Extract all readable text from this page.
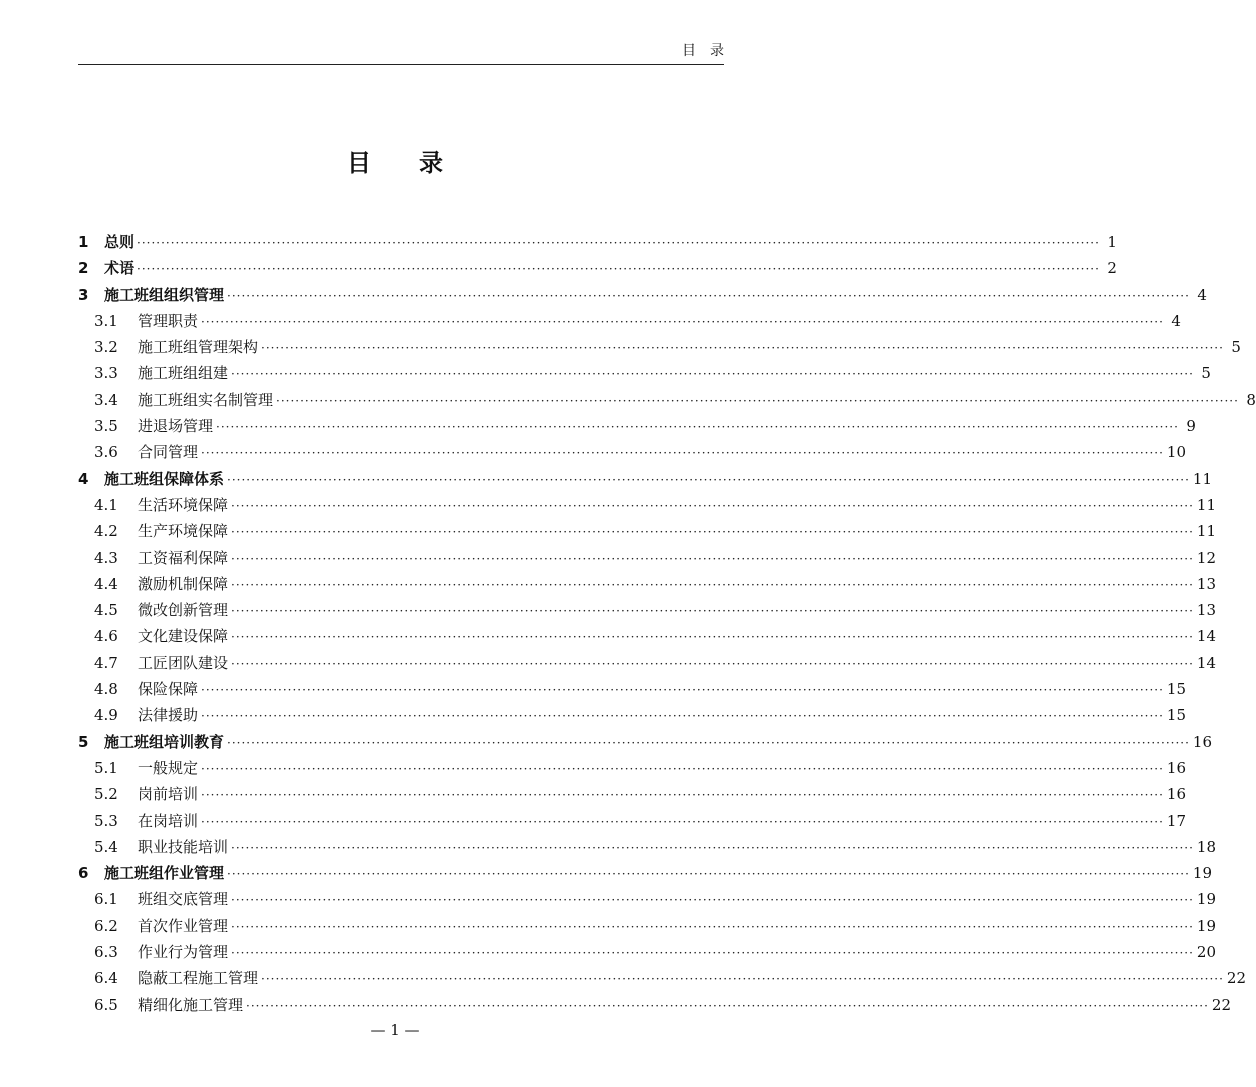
目　录
目　　录
1	总则 ········································································································································································································ 1
2	术语 ········································································································································································································ 2
3	施工班组组织管理 ········································································································································································································ 4
3.1	管理职责 ········································································································································································································ 4
3.2	施工班组管理架构 ········································································································································································································ 5
3.3	施工班组组建 ········································································································································································································ 5
3.4	施工班组实名制管理 ········································································································································································································ 8
3.5	进退场管理 ········································································································································································································ 9
3.6	合同管理 ········································································································································································································ 10
4	施工班组保障体系 ········································································································································································································ 11
4.1	生活环境保障 ········································································································································································································ 11
4.2	生产环境保障 ········································································································································································································ 11
4.3	工资福利保障 ········································································································································································································ 12
4.4	激励机制保障 ········································································································································································································ 13
4.5	微改创新管理 ········································································································································································································ 13
4.6	文化建设保障 ········································································································································································································ 14
4.7	工匠团队建设 ········································································································································································································ 14
4.8	保险保障 ········································································································································································································ 15
4.9	法律援助 ········································································································································································································ 15
5	施工班组培训教育 ········································································································································································································ 16
5.1	一般规定 ········································································································································································································ 16
5.2	岗前培训 ········································································································································································································ 16
5.3	在岗培训 ········································································································································································································ 17
5.4	职业技能培训 ········································································································································································································ 18
6	施工班组作业管理 ········································································································································································································ 19
6.1	班组交底管理 ········································································································································································································ 19
6.2	首次作业管理 ········································································································································································································ 19
6.3	作业行为管理 ········································································································································································································ 20
6.4	隐蔽工程施工管理 ········································································································································································································ 22
6.5	精细化施工管理 ········································································································································································································ 22
— 1 —
